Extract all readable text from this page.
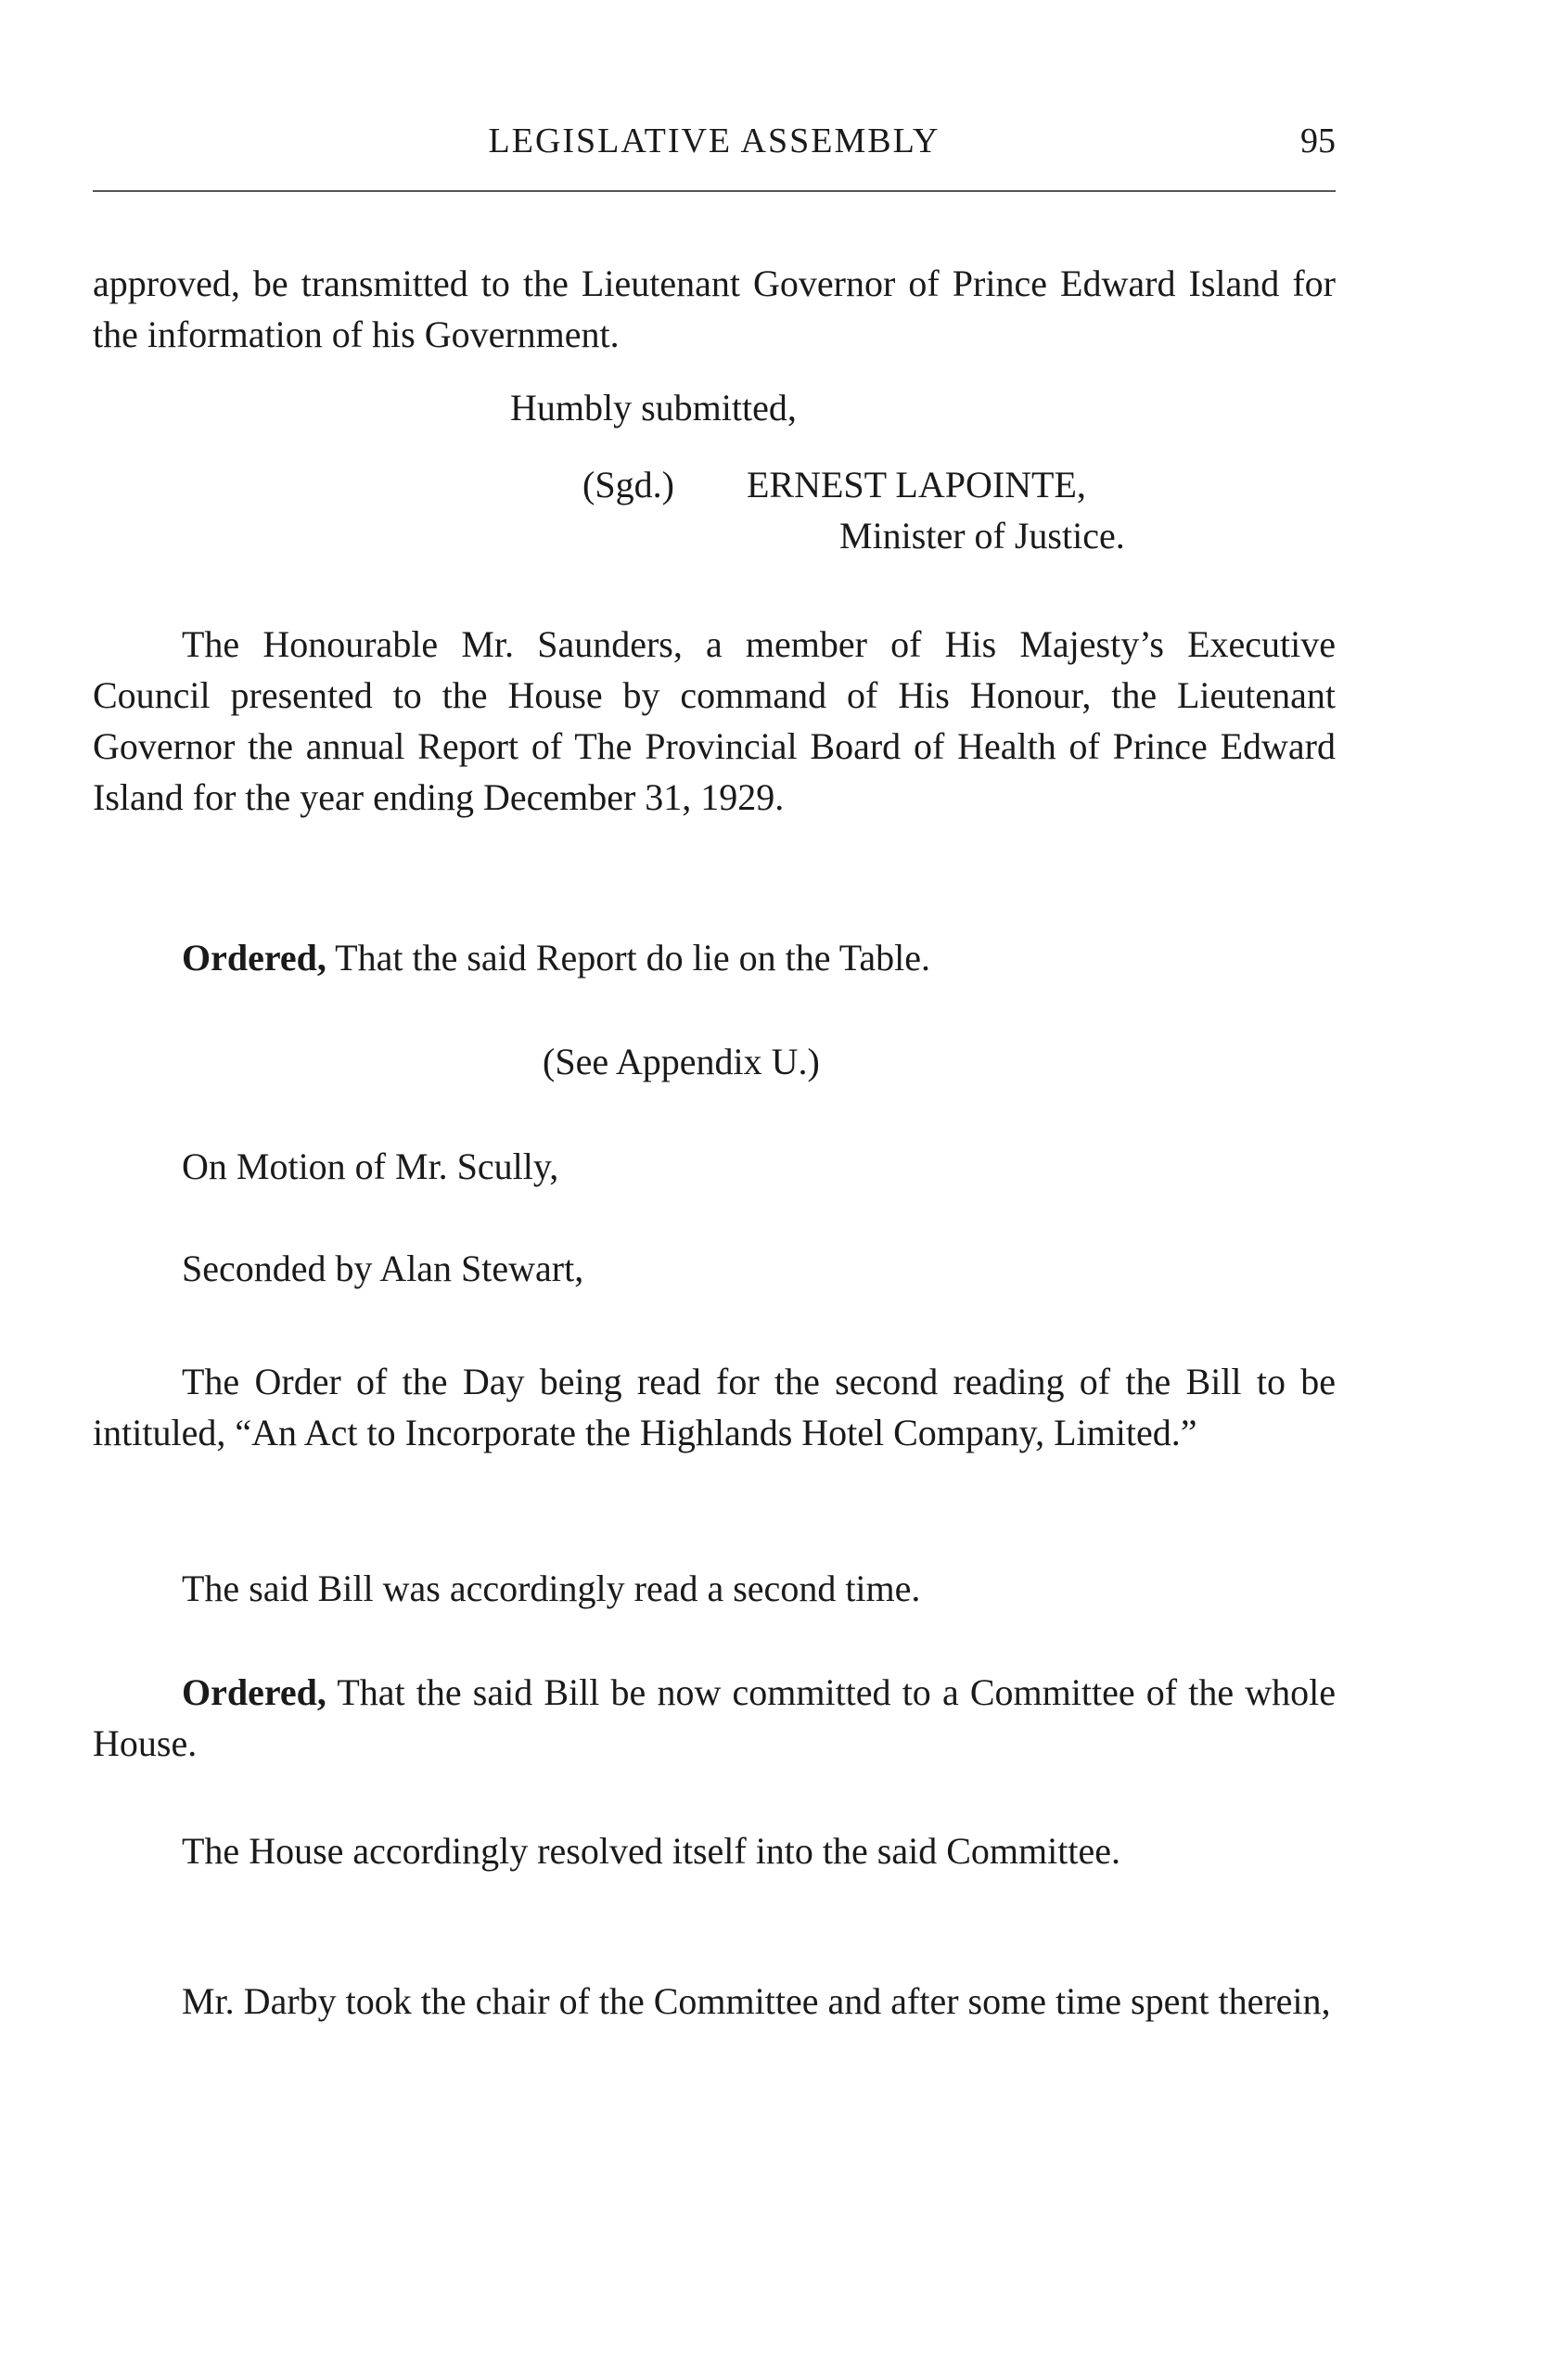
LEGISLATIVE ASSEMBLY	95

approved, be transmitted to the Lieutenant Governor of Prince Edward Island for the information of his Government.

Humbly submitted,
(Sgd.) ERNEST LAPOINTE,
Minister of Justice.

The Honourable Mr. Saunders, a member of His Majesty’s Executive Council presented to the House by command of His Honour, the Lieutenant Governor the annual Report of The Provincial Board of Health of Prince Edward Island for the year ending December 31, 1929.

Ordered, That the said Report do lie on the Table.

(See Appendix U.)

On Motion of Mr. Scully,

Seconded by Alan Stewart,

The Order of the Day being read for the second reading of the Bill to be intituled, “An Act to Incorporate the Highlands Hotel Company, Limited.”

The said Bill was accordingly read a second time.

Ordered, That the said Bill be now committed to a Committee of the whole House.

The House accordingly resolved itself into the said Committee.

Mr. Darby took the chair of the Committee and after some time spent therein,
